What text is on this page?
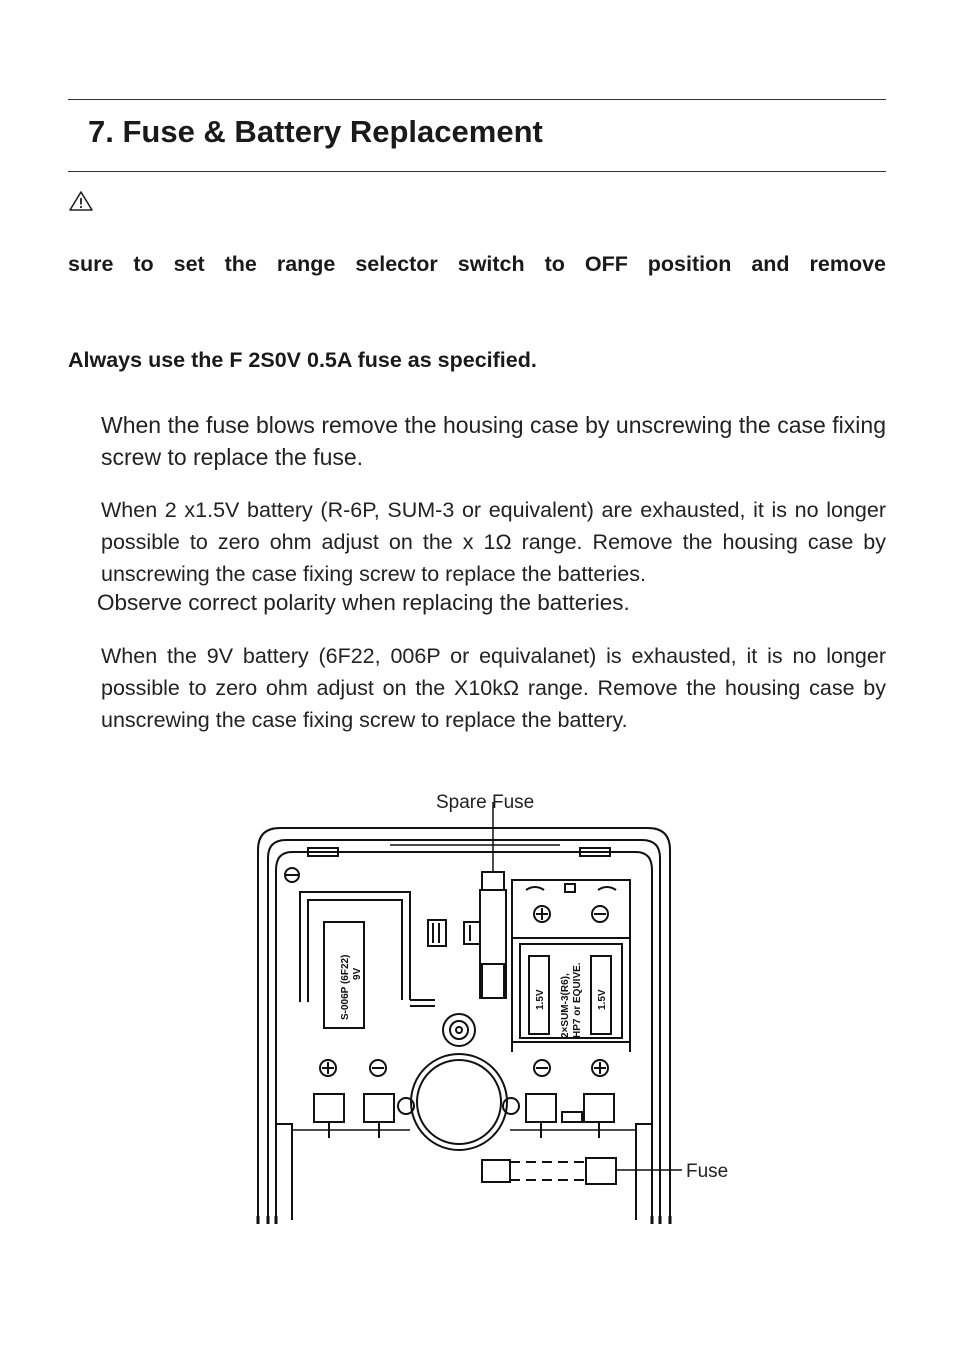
7. Fuse & Battery Replacement

sure to set the range selector switch to OFF position and remove

Always use the F 2S0V 0.5A fuse as specified.

When the fuse blows remove the housing case by unscrewing the case fixing screw to replace the fuse.

When 2 x1.5V battery (R-6P, SUM-3 or equivalent) are exhausted, it is no longer possible to zero ohm adjust on the x 1Ω range. Remove the housing case by unscrewing the case fixing screw to replace the batteries.

Observe correct polarity when replacing the batteries.

When the 9V battery (6F22, 006P or equivalanet) is exhausted, it is no longer possible to zero ohm adjust on the X10kΩ range. Remove the housing case by unscrewing the case fixing screw to replace the battery.

Spare Fuse
Fuse
S-006P (6F22) 9V
1.5V	1.5V
2×SUM-3(R6), HP7 or EQUIVE.
